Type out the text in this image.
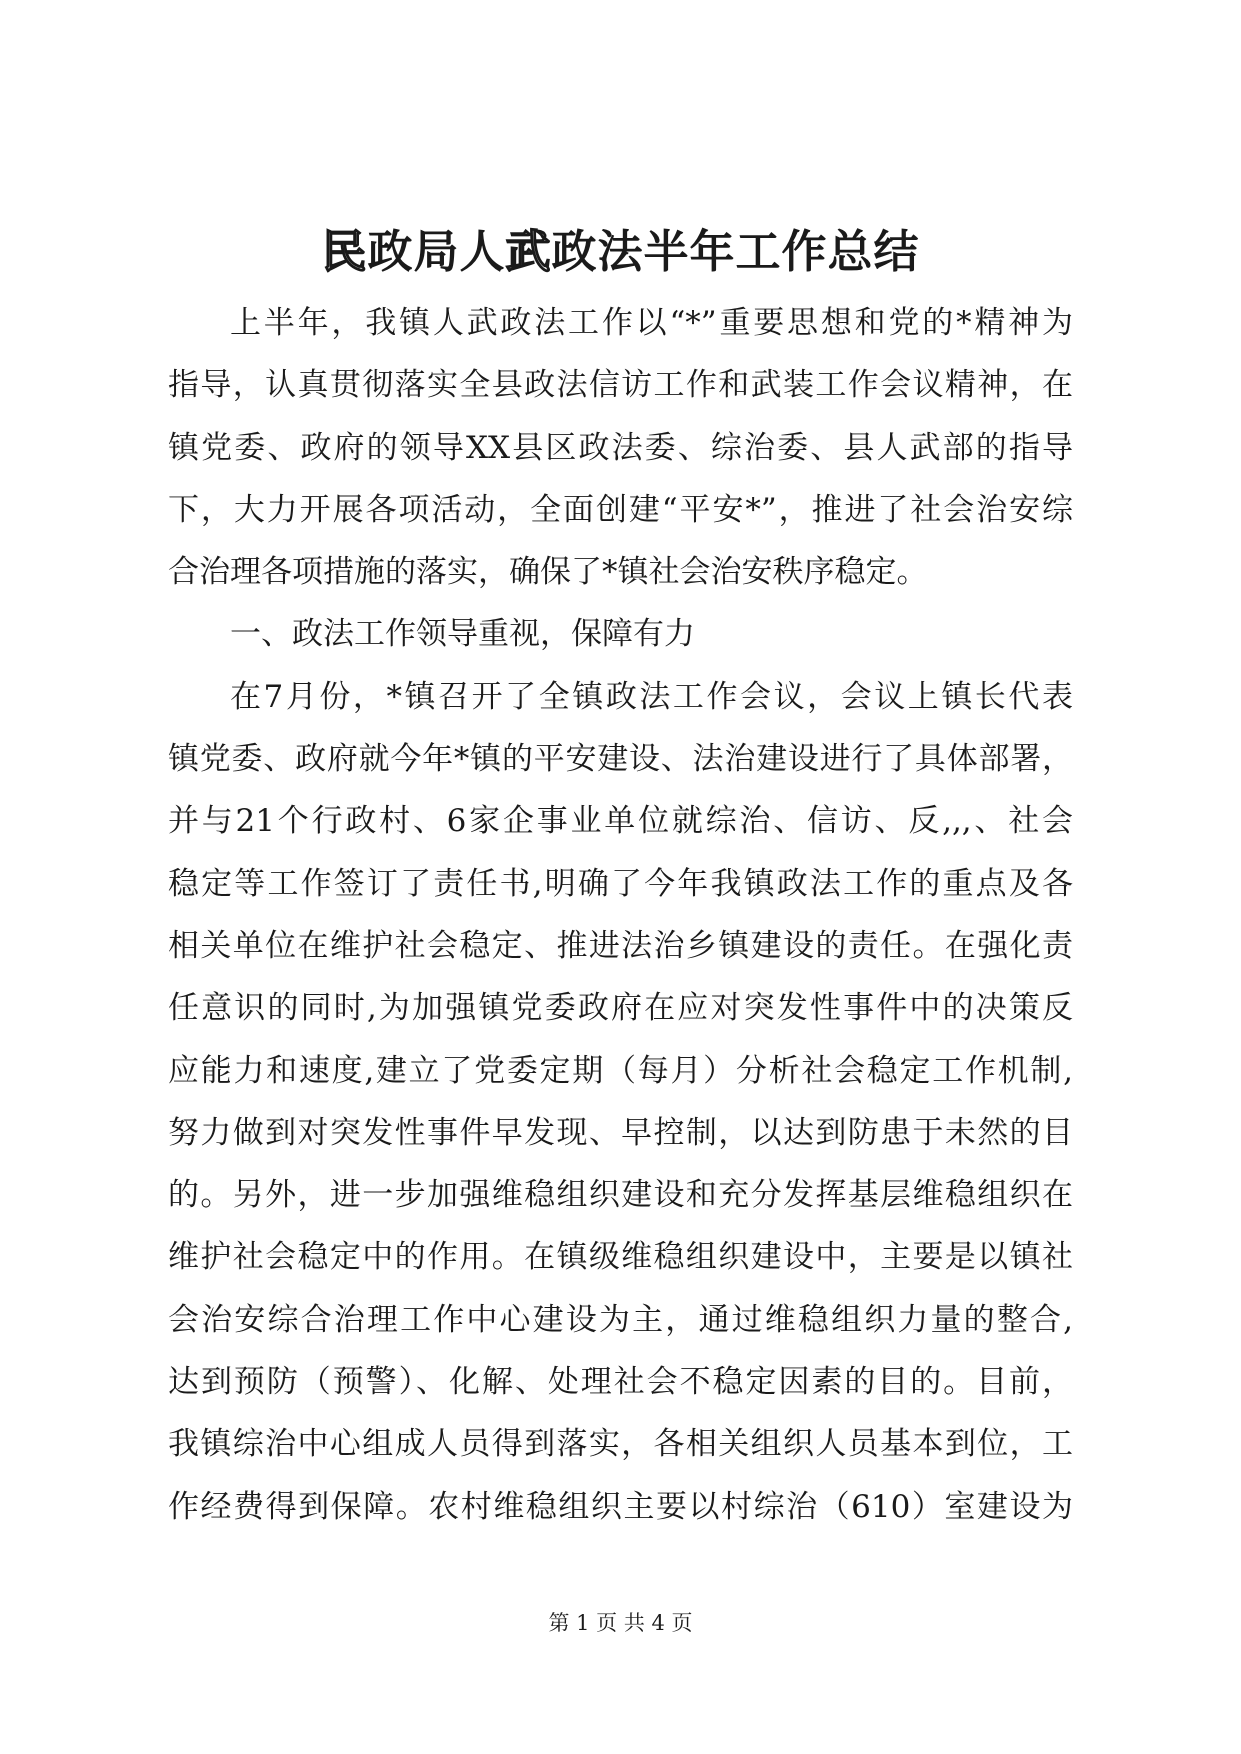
民政局人武政法半年工作总结
上半年，我镇人武政法工作以“*”重要思想和党的*精神为
指导，认真贯彻落实全县政法信访工作和武装工作会议精神，在
镇党委、政府的领导XX县区政法委、综治委、县人武部的指导
下，大力开展各项活动，全面创建“平安*”，推进了社会治安综
合治理各项措施的落实，确保了*镇社会治安秩序稳定。
一、政法工作领导重视，保障有力
在7月份，*镇召开了全镇政法工作会议，会议上镇长代表
镇党委、政府就今年*镇的平安建设、法治建设进行了具体部署，
并与21个行政村、6家企事业单位就综治、信访、反,,,、社会
稳定等工作签订了责任书,明确了今年我镇政法工作的重点及各
相关单位在维护社会稳定、推进法治乡镇建设的责任。在强化责
任意识的同时,为加强镇党委政府在应对突发性事件中的决策反
应能力和速度,建立了党委定期（每月）分析社会稳定工作机制,
努力做到对突发性事件早发现、早控制，以达到防患于未然的目
的。另外，进一步加强维稳组织建设和充分发挥基层维稳组织在
维护社会稳定中的作用。在镇级维稳组织建设中，主要是以镇社
会治安综合治理工作中心建设为主，通过维稳组织力量的整合,
达到预防（预警）、化解、处理社会不稳定因素的目的。目前，
我镇综治中心组成人员得到落实，各相关组织人员基本到位，工
作经费得到保障。农村维稳组织主要以村综治（610）室建设为
第 1 页 共 4 页
